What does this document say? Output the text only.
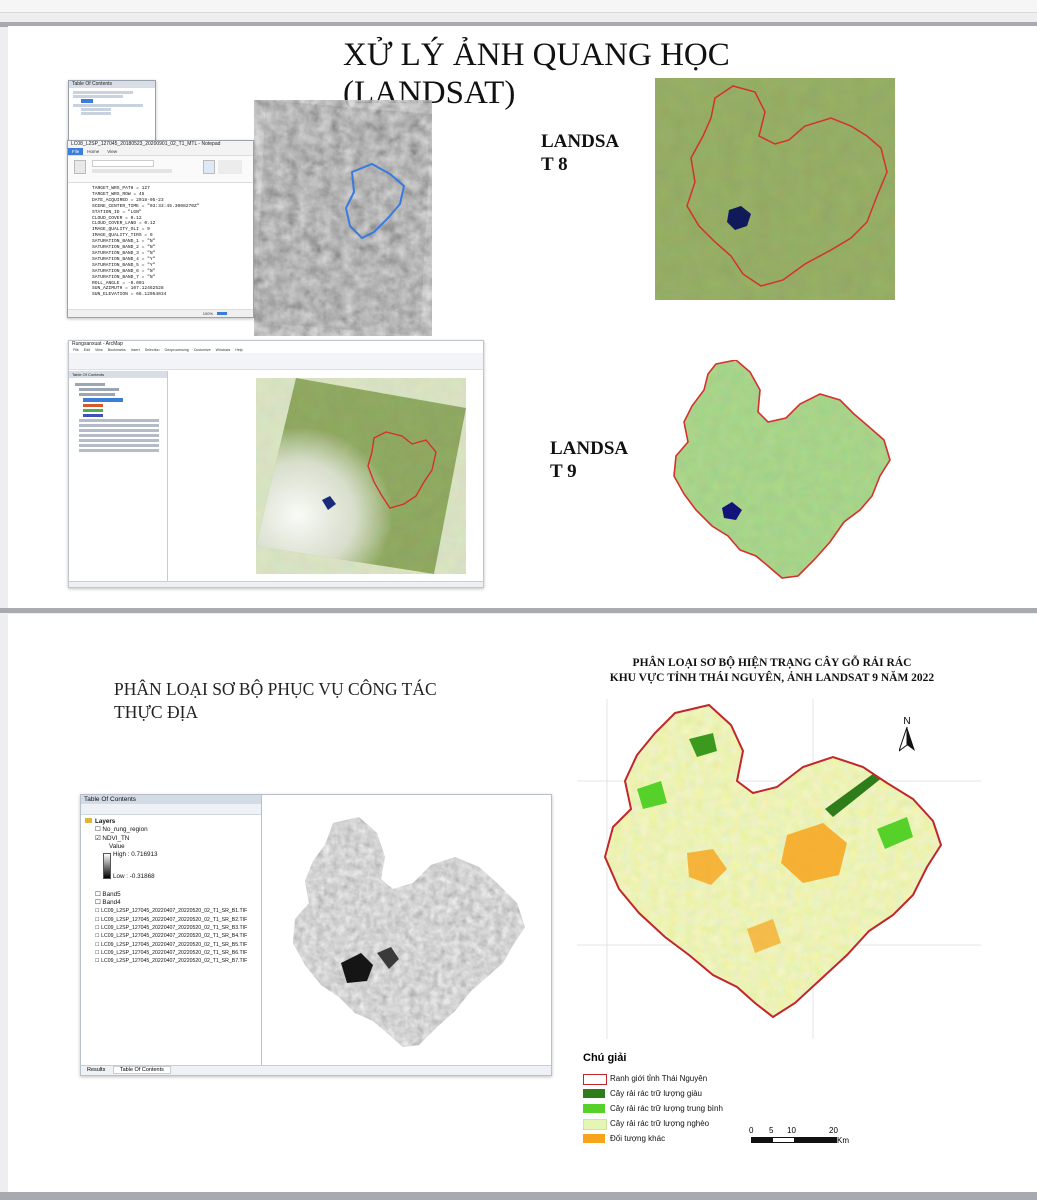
XỬ LÝ ẢNH QUANG HỌC
(LANDSAT)
Table Of Contents
LC08_L2SP_127045_20180523_20200901_02_T1_MTL - Notepad
File	Home	View
TARGET_WRS_PATH = 127
TARGET_WRS_ROW = 45
DATE_ACQUIRED = 2018-05-23
SCENE_CENTER_TIME = "03:33:45.3008270Z"
STATION_ID = "LGN"
CLOUD_COVER = 0.12
CLOUD_COVER_LAND = 0.12
IMAGE_QUALITY_OLI = 9
IMAGE_QUALITY_TIRS = 9
SATURATION_BAND_1 = "N"
SATURATION_BAND_2 = "N"
SATURATION_BAND_3 = "N"
SATURATION_BAND_4 = "Y"
SATURATION_BAND_5 = "Y"
SATURATION_BAND_6 = "N"
SATURATION_BAND_7 = "N"
ROLL_ANGLE = -0.001
SUN_AZIMUTH = 107.12462528
SUN_ELEVATION = 66.12054034
100%
LANDSA
T 8
Rungsanxuat - ArcMap
File Edit View Bookmarks Insert Selection Geoprocessing Customize Windows Help
Table Of Contents
LANDSA
T 9
PHÂN LOẠI SƠ BỘ PHỤC VỤ CÔNG TÁC
THỰC ĐỊA
Table Of Contents
Layers
☐ No_rung_region
☑ NDVI_TN
Value
High : 0.716913
Low : -0.31868
☐ Band5
☐ Band4
☐ LC09_L2SP_127045_20220407_20220520_02_T1_SR_B1.TIF
☐ LC09_L2SP_127045_20220407_20220520_02_T1_SR_B2.TIF
☐ LC09_L2SP_127045_20220407_20220520_02_T1_SR_B3.TIF
☐ LC09_L2SP_127045_20220407_20220520_02_T1_SR_B4.TIF
☐ LC09_L2SP_127045_20220407_20220520_02_T1_SR_B5.TIF
☐ LC09_L2SP_127045_20220407_20220520_02_T1_SR_B6.TIF
☐ LC09_L2SP_127045_20220407_20220520_02_T1_SR_B7.TIF
Results	Table Of Contents
PHÂN LOẠI SƠ BỘ HIỆN TRẠNG CÂY GỖ RẢI RÁC
KHU VỰC TỈNH THÁI NGUYÊN, ẢNH LANDSAT 9 NĂM 2022
N
Chú giải
Ranh giới tỉnh Thái Nguyên
Cây rải rác trữ lượng giàu
Cây rải rác trữ lượng trung bình
Cây rải rác trữ lượng nghèo
Đối tượng khác
0 5 10	20
Km
